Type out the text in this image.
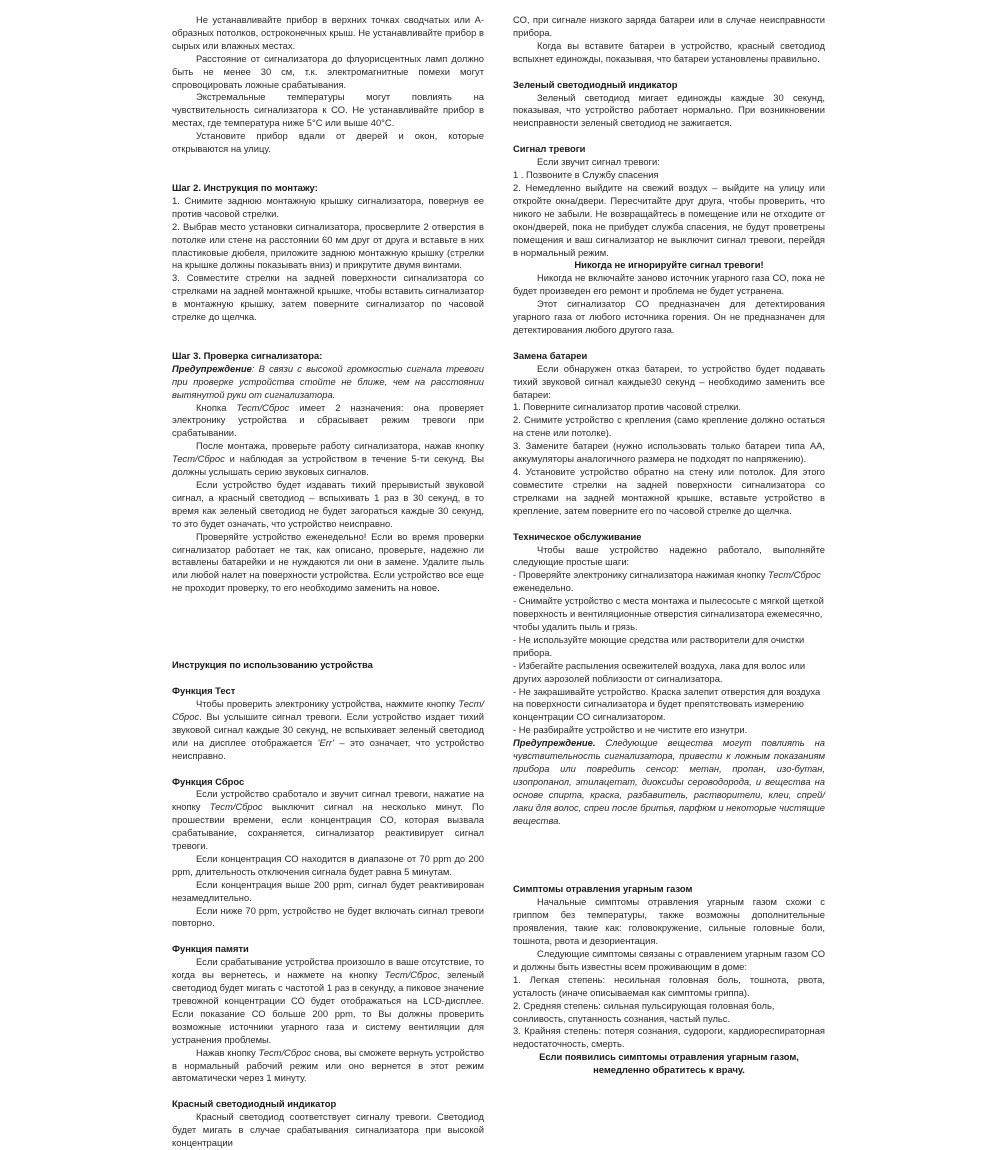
Не устанавливайте прибор в верхних точках сводчатых или А-образных потолков, остроконечных крыш. Не устанавливайте прибор в сырых или влажных местах.

Расстояние от сигнализатора до флуорисцентных ламп должно быть не менее 30 см, т.к. электромагнитные помехи могут спровоцировать ложные срабатывания.

Экстремальные температуры могут повлиять на чувствительность сигнализатора к СО. Не устанавливайте прибор в местах, где температура ниже 5°С или выше 40°С.

Установите прибор вдали от дверей и окон, которые открываются на улицу.

Шаг 2. Инструкция по монтажу:

1. Снимите заднюю монтажную крышку сигнализатора, повернув ее против часовой стрелки.

2. Выбрав место установки сигнализатора, просверлите 2 отверстия в потолке или стене на расстоянии 60 мм друг от друга и вставьте в них пластиковые дюбеля, приложите заднюю монтажную крышку (стрелки на крышке должны показывать вниз) и прикрутите двумя винтами.

3. Совместите стрелки на задней поверхности сигнализатора со стрелками на задней монтажной крышке, чтобы вставить сигнализатор в монтажную крышку, затем поверните сигнализатор по часовой стрелке до щелчка.

Шаг 3. Проверка сигнализатора:

Предупреждение: В связи с высокой громкостью сигнала тревоги при проверке устройства стойте не ближе, чем на расстоянии вытянутой руки от сигнализатора.

Кнопка Тест/Сброс имеет 2 назначения: она проверяет электронику устройства и сбрасывает режим тревоги при срабатывании.

После монтажа, проверьте работу сигнализатора, нажав кнопку Тест/Сброс и наблюдая за устройством в течение 5-ти секунд. Вы должны услышать серию звуковых сигналов.

Если устройство будет издавать тихий прерывистый звуковой сигнал, а красный светодиод – вспыхивать 1 раз в 30 секунд, в то время как зеленый светодиод не будет загораться каждые 30 секунд, то это будет означать, что устройство неисправно.

Проверяйте устройство еженедельно! Если во время проверки сигнализатор работает не так, как описано, проверьте, надежно ли вставлены батарейки и не нуждаются ли они в замене. Удалите пыль или любой налет на поверхности устройства. Если устройство все еще не проходит проверку, то его необходимо заменить на новое.

Инструкция по использованию устройства

Функция Тест

Чтобы проверить электронику устройства, нажмите кнопку Тест/Сброс. Вы услышите сигнал тревоги. Если устройство издает тихий звуковой сигнал каждые 30 секунд, не вспыхивает зеленый светодиод или на дисплее отображается 'Err' – это означает, что устройство неисправно.

Функция Сброс

Если устройство сработало и звучит сигнал тревоги, нажатие на кнопку Тест/Сброс выключит сигнал на несколько минут. По прошествии времени, если концентрация СО, которая вызвала срабатывание, сохраняется, сигнализатор реактивирует сигнал тревоги.

Если концентрация СО находится в диапазоне от 70 ppm до 200 ppm, длительность отключения сигнала будет равна 5 минутам.

Если концентрация выше 200 ppm, сигнал будет реактивирован незамедлительно.

Если ниже 70 ppm, устройство не будет включать сигнал тревоги повторно.

Функция памяти

Если срабатывание устройства произошло в ваше отсутствие, то когда вы вернетесь, и нажмете на кнопку Тест/Сброс, зеленый светодиод будет мигать с частотой 1 раз в секунду, а пиковое значение тревожной концентрации СО будет отображаться на LCD-дисплее. Если показание СО больше 200 ppm, то Вы должны проверить возможные источники угарного газа и систему вентиляции для устранения проблемы.

Нажав кнопку Тест/Сброс снова, вы сможете вернуть устройство в нормальный рабочий режим или оно вернется в этот режим автоматически через 1 минуту.

Красный светодиодный индикатор

Красный светодиод соответствует сигналу тревоги. Светодиод будет мигать в случае срабатывания сигнализатора при высокой концентрации

СО, при сигнале низкого заряда батареи или в случае неисправности прибора.

Когда вы вставите батареи в устройство, красный светодиод вспыхнет единожды, показывая, что батареи установлены правильно.

Зеленый светодиодный индикатор

Зеленый светодиод мигает единожды каждые 30 секунд, показывая, что устройство работает нормально. При возникновении неисправности зеленый светодиод не зажигается.

Сигнал тревоги

Если звучит сигнал тревоги:

1 . Позвоните в Службу спасения

2. Немедленно выйдите на свежий воздух – выйдите на улицу или откройте окна/двери. Пересчитайте друг друга, чтобы проверить, что никого не забыли. Не возвращайтесь в помещение или не отходите от окон/дверей, пока не прибудет служба спасения, не будут проветрены помещения и ваш сигнализатор не выключит сигнал тревоги, перейдя в нормальный режим.

Никогда не игнорируйте сигнал тревоги!

Никогда не включайте заново источник угарного газа СО, пока не будет произведен его ремонт и проблема не будет устранена.

Этот сигнализатор СО предназначен для детектирования угарного газа от любого источника горения. Он не предназначен для детектирования любого другого газа.

Замена батареи

Если обнаружен отказ батареи, то устройство будет подавать тихий звуковой сигнал каждые30 секунд – необходимо заменить все батареи:

1. Поверните сигнализатор против часовой стрелки.

2. Снимите устройство с крепления (само крепление должно остаться на стене или потолке).

3. Замените батареи (нужно использовать только батареи типа АА, аккумуляторы аналогичного размера не подходят по напряжению).

4. Установите устройство обратно на стену или потолок. Для этого совместите стрелки на задней поверхности сигнализатора со стрелками на задней монтажной крышке, вставьте устройство в крепление, затем поверните его по часовой стрелке до щелчка.

Техническое обслуживание

Чтобы ваше устройство надежно работало, выполняйте следующие простые шаги:

- Проверяйте электронику сигнализатора нажимая кнопку Тест/Сброс еженедельно.

- Снимайте устройство с места монтажа и пылесосьте с мягкой щеткой поверхность и вентиляционные отверстия сигнализатора ежемесячно, чтобы удалить пыль и грязь.

- Не используйте моющие средства или растворители для очистки прибора.

- Избегайте распыления освежителей воздуха, лака для волос или других аэрозолей поблизости от сигнализатора.

- Не закрашивайте устройство. Краска залепит отверстия для воздуха на поверхности сигнализатора и будет препятствовать измерению концентрации СО сигнализатором.

- Не разбирайте устройство и не чистите его изнутри.

Предупреждение. Следующие вещества могут повлиять на чувствительность сигнализатора, привести к ложным показаниям прибора или повредить сенсор: метан, пропан, изо-бутан, изопропанол, этилацетат, диоксиды сероводорода, и вещества на основе спирта, краска, разбавитель, растворители, клеи, спрей/лаки для волос, спреи после бритья, парфюм и некоторые чистящие вещества.

Симптомы отравления угарным газом

Начальные симптомы отравления угарным газом схожи с гриппом без температуры, также возможны дополнительные проявления, такие как: головокружение, сильные головные боли, тошнота, рвота и дезориентация.

Следующие симптомы связаны с отравлением угарным газом СО и должны быть известны всем проживающим в доме:

1. Легкая степень: несильная головная боль, тошнота, рвота, усталость (иначе описываемая как симптомы гриппа).

2. Средняя степень: сильная пульсирующая головная боль, сонливость, спутанность сознания, частый пульс.

3. Крайняя степень: потеря сознания, судороги, кардиореспираторная недостаточность, смерть.

Если появились симптомы отравления угарным газом,

немедленно обратитесь к врачу.
